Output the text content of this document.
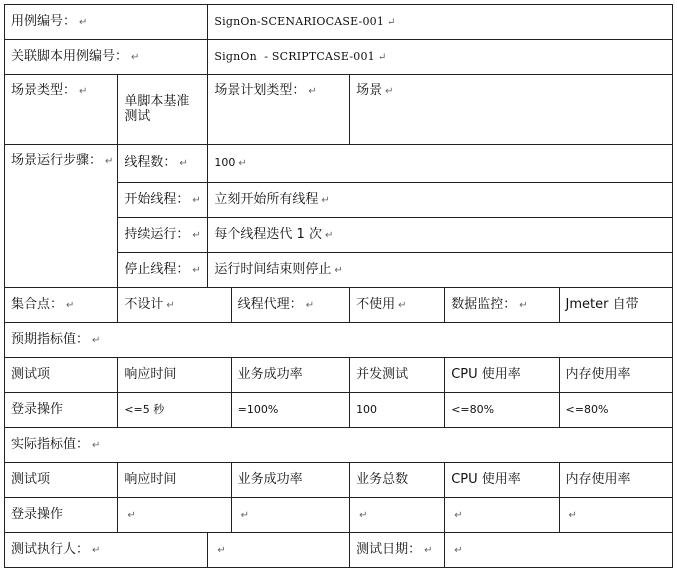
用例编号： ↵		SignOn-SCENARIOCASE-001 ↵				
关联脚本用例编号： ↵		SignOn  - SCRIPTCASE-001 ↵				
场景类型： ↵	单脚本基准测试	场景计划类型： ↵		场景 ↵		
场景运行步骤： ↵	线程数： ↵	100 ↵				
	开始线程： ↵	立刻开始所有线程 ↵				
	持续运行： ↵	每个线程迭代 1 次 ↵				
	停止线程： ↵	运行时间结束则停止 ↵				
集合点： ↵	不设计 ↵		线程代理： ↵	不使用 ↵	数据监控： ↵	Jmeter 自带
预期指标值： ↵						
测试项	响应时间		业务成功率	并发测试	CPU 使用率	内存使用率
登录操作	<=5 秒		=100%	100	<=80%	<=80%
实际指标值： ↵						
测试项	响应时间		业务成功率	业务总数	CPU 使用率	内存使用率
登录操作	↵		↵	↵	↵	↵
测试执行人： ↵		↵		测试日期： ↵	↵	
